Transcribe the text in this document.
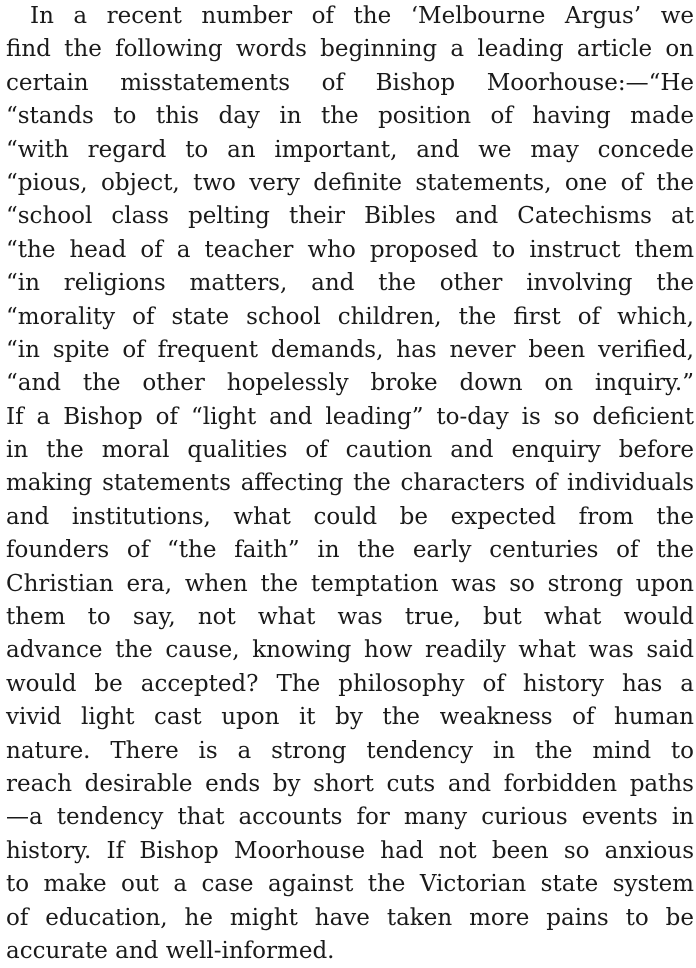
In a recent number of the ‘Melbourne Argus’ we
find the following words beginning a leading article on
certain misstatements of Bishop Moorhouse:—“He
“stands to this day in the position of having made
“with regard to an important, and we may concede
“pious, object, two very definite statements, one of the
“school class pelting their Bibles and Catechisms at
“the head of a teacher who proposed to instruct them
“in religions matters, and the other involving the
“morality of state school children, the first of which,
“in spite of frequent demands, has never been verified,
“and the other hopelessly broke down on inquiry.”
If a Bishop of “light and leading” to-day is so deficient
in the moral qualities of caution and enquiry before
making statements affecting the characters of individuals
and institutions, what could be expected from the
founders of “the faith” in the early centuries of the
Christian era, when the temptation was so strong upon
them to say, not what was true, but what would
advance the cause, knowing how readily what was said
would be accepted? The philosophy of history has a
vivid light cast upon it by the weakness of human
nature. There is a strong tendency in the mind to
reach desirable ends by short cuts and forbidden paths
—a tendency that accounts for many curious events in
history. If Bishop Moorhouse had not been so anxious
to make out a case against the Victorian state system
of education, he might have taken more pains to be
accurate and well-informed.
